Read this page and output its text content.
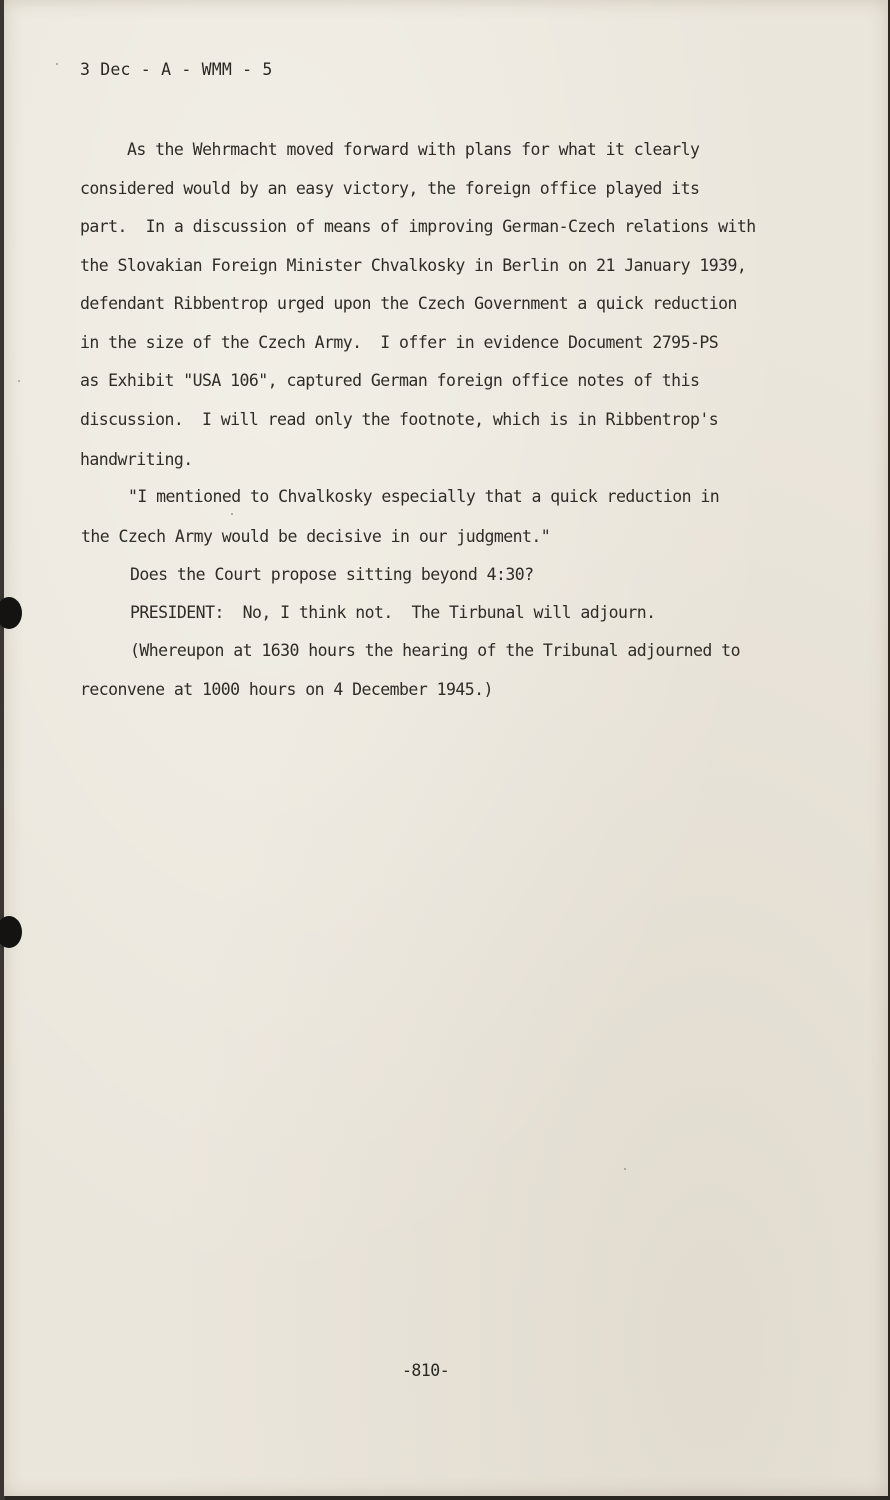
3 Dec - A - WMM - 5
As the Wehrmacht moved forward with plans for what it clearly
considered would by an easy victory, the foreign office played its
part.  In a discussion of means of improving German-Czech relations with
the Slovakian Foreign Minister Chvalkosky in Berlin on 21 January 1939,
defendant Ribbentrop urged upon the Czech Government a quick reduction
in the size of the Czech Army.  I offer in evidence Document 2795-PS
as Exhibit "USA 106", captured German foreign office notes of this
discussion.  I will read only the footnote, which is in Ribbentrop's
handwriting.
"I mentioned to Chvalkosky especially that a quick reduction in
the Czech Army would be decisive in our judgment."
Does the Court propose sitting beyond 4:30?
PRESIDENT:  No, I think not.  The Tirbunal will adjourn.
(Whereupon at 1630 hours the hearing of the Tribunal adjourned to
reconvene at 1000 hours on 4 December 1945.)
-810-
